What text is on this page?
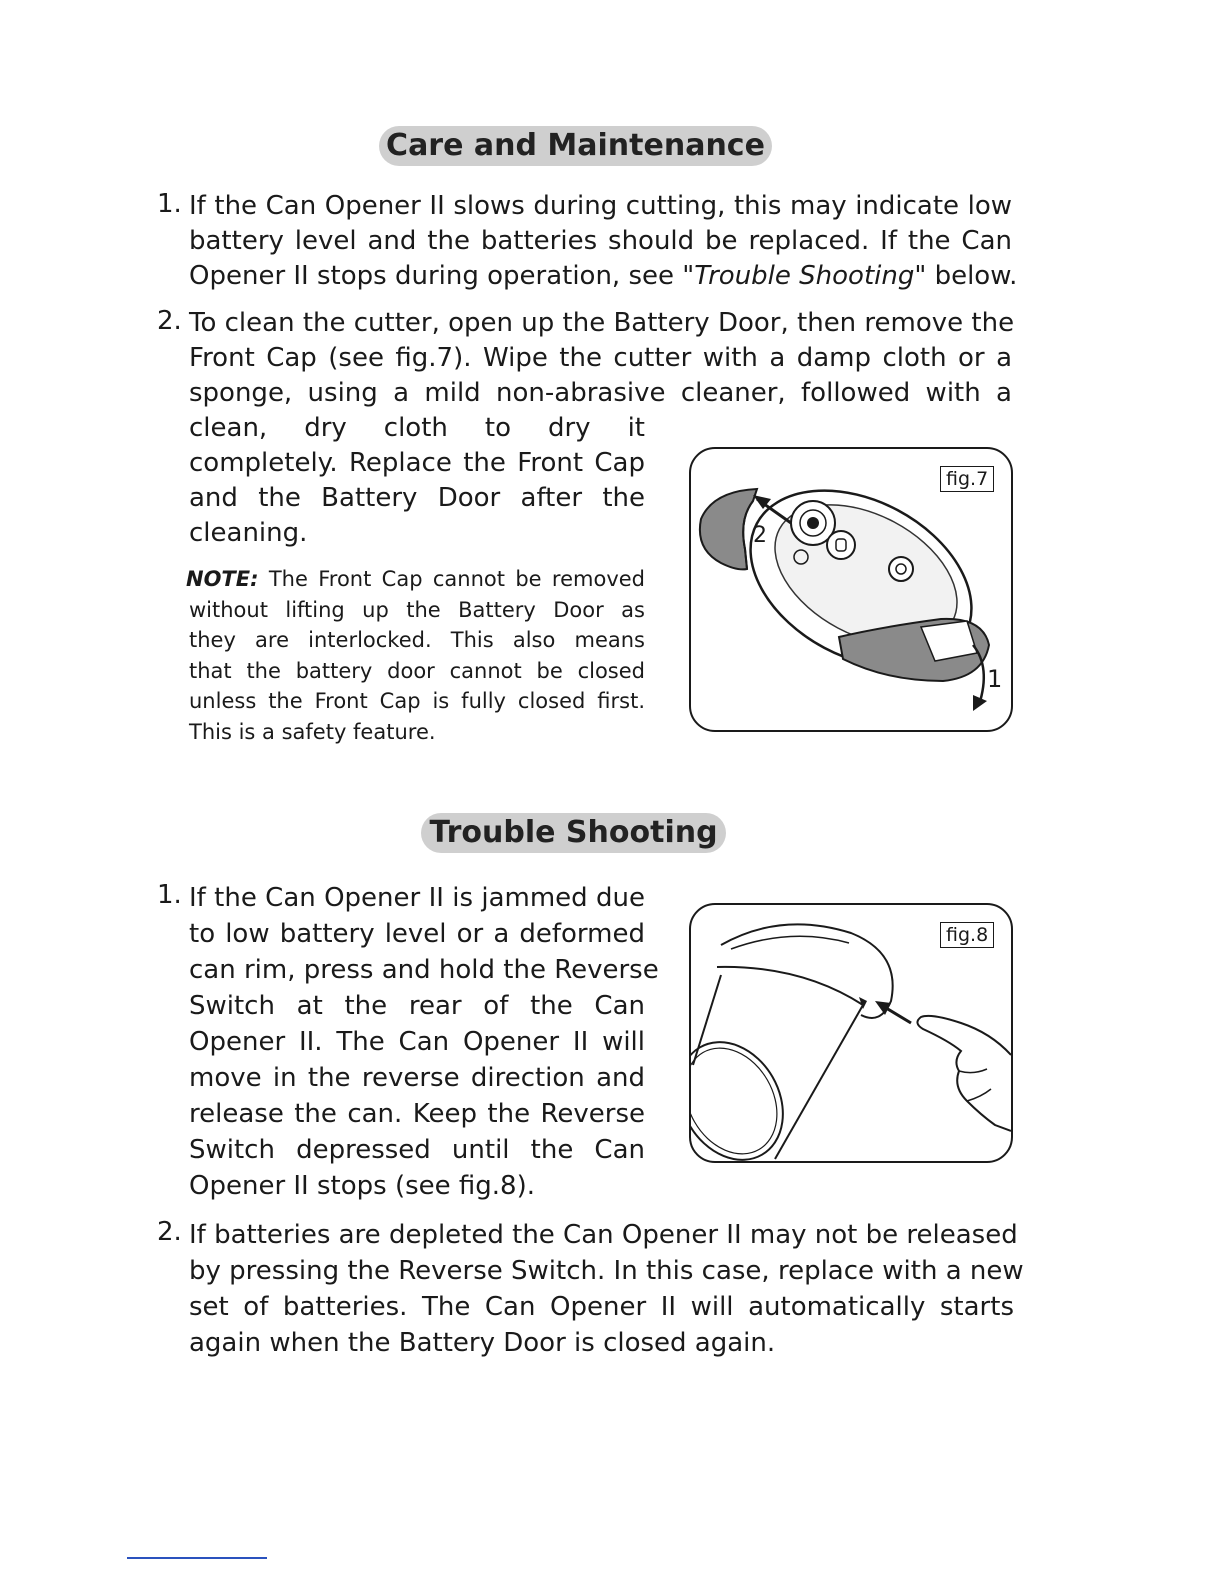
Care and Maintenance
1. If the Can Opener II slows during cutting, this may indicate low
battery level and the batteries should be replaced. If the Can
Opener II stops during operation, see "Trouble Shooting" below.
2. To clean the cutter, open up the Battery Door, then remove the
Front Cap (see fig.7). Wipe the cutter with a damp cloth or a
sponge, using a mild non-abrasive cleaner, followed with a
clean, dry cloth to dry it
completely. Replace the Front Cap
and the Battery Door after the
cleaning.
NOTE: The Front Cap cannot be removed
without lifting up the Battery Door as
they are interlocked. This also means
that the battery door cannot be closed
unless the Front Cap is fully closed first.
This is a safety feature.
2
1
fig.7
Trouble Shooting
1. If the Can Opener II is jammed due
to low battery level or a deformed
can rim, press and hold the Reverse
Switch at the rear of the Can
Opener II. The Can Opener II will
move in the reverse direction and
release the can. Keep the Reverse
Switch depressed until the Can
Opener II stops (see fig.8).
fig.8
2. If batteries are depleted the Can Opener II may not be released
by pressing the Reverse Switch. In this case, replace with a new
set of batteries. The Can Opener II will automatically starts
again when the Battery Door is closed again.
